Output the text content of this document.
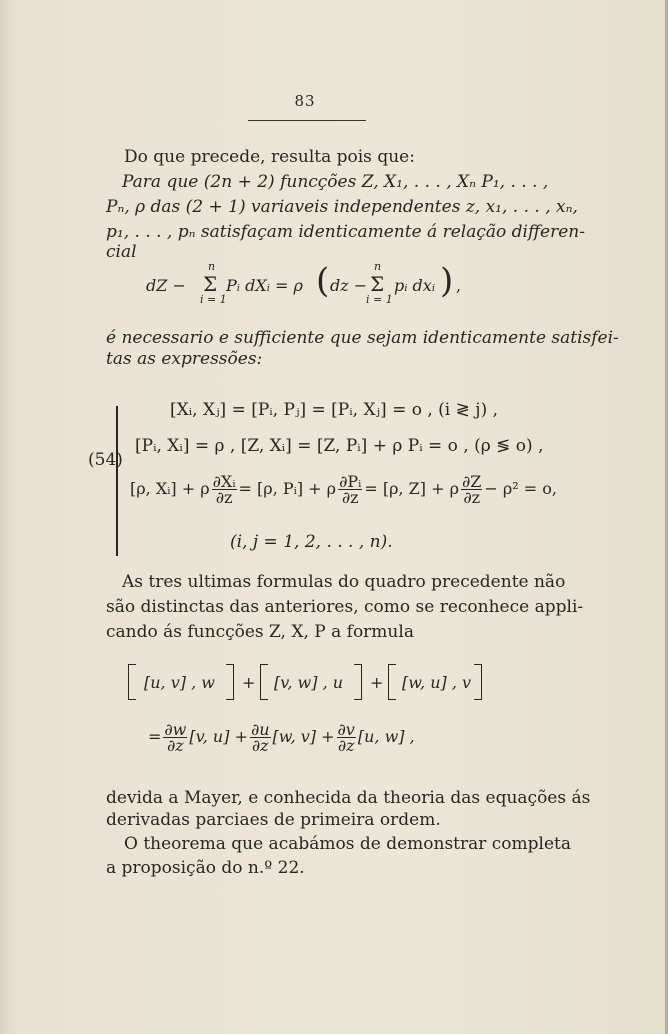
83
Do que precede, resulta pois que:
Para que (2n + 2) funcções Z, X₁, . . . , Xₙ P₁, . . . ,
Pₙ, ρ das (2 + 1) variaveis independentes z, x₁, . . . , xₙ,
p₁, . . . , pₙ satisfaçam identicamente á relação differen-
cial
dZ −
n
Σ
i = 1
Pᵢ dXᵢ = ρ ( dz −
n
Σ
i = 1
pᵢ dxᵢ ) ,
é necessario e sufficiente que sejam identicamente satisfei-
tas as expressões:
(54)
[Xᵢ, Xⱼ] = [Pᵢ, Pⱼ] = [Pᵢ, Xⱼ] = o , (i ≷ j) ,
[Pᵢ, Xᵢ] = ρ , [Z, Xᵢ] = [Z, Pᵢ] + ρ Pᵢ = o , (ρ ≶ o) ,
[ρ, Xᵢ] + ρ $\frac{\text{∂Xᵢ}}{\partial z} = [\rho$, Pᵢ] + ρ $\frac{\text{∂Pᵢ}}{\partial z} = [\rho$, Z] + ρ $\frac{\partial Z}{\partial z} - \rho^2 = o$,
(i, j = 1, 2, . . . , n).
As tres ultimas formulas do quadro precedente não
são distinctas das anteriores, como se reconhece appli-
cando ás funcções Z, X, P a formula
[u, v] , w + [v, w] , u + [w, u] , v
= $\frac{\partial w}{\partial z} [v$, $u] + \frac{\partial u}{\partial z} [w$, $v] + \frac{\partial v}{\partial z} [u$, w] ,
devida a Mayer, e conhecida da theoria das equações ás
derivadas parciaes de primeira ordem.
O theorema que acabámos de demonstrar completa
a proposição do n.º 22.
